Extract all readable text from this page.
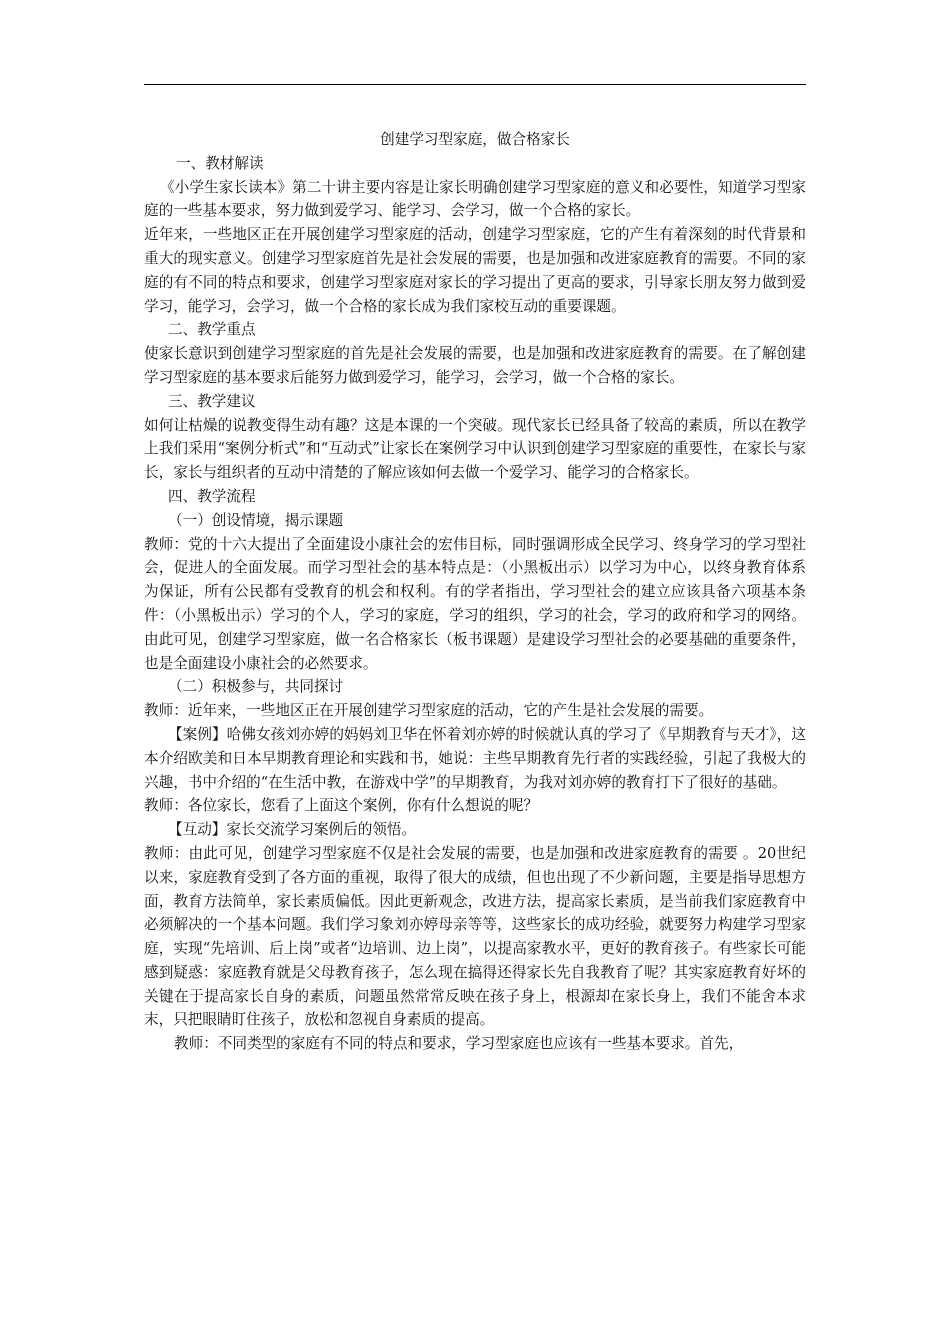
创建学习型家庭，做合格家长

一、教材解读

《小学生家长读本》第二十讲主要内容是让家长明确创建学习型家庭的意义和必要性，知道学习型家庭的一些基本要求，努力做到爱学习、能学习、会学习，做一个合格的家长。

近年来，一些地区正在开展创建学习型家庭的活动，创建学习型家庭，它的产生有着深刻的时代背景和重大的现实意义。创建学习型家庭首先是社会发展的需要，也是加强和改进家庭教育的需要。不同的家庭的有不同的特点和要求，创建学习型家庭对家长的学习提出了更高的要求，引导家长朋友努力做到爱学习，能学习，会学习，做一个合格的家长成为我们家校互动的重要课题。

二、教学重点

使家长意识到创建学习型家庭的首先是社会发展的需要，也是加强和改进家庭教育的需要。在了解创建学习型家庭的基本要求后能努力做到爱学习，能学习，会学习，做一个合格的家长。

三、教学建议

如何让枯燥的说教变得生动有趣？这是本课的一个突破。现代家长已经具备了较高的素质，所以在教学上我们采用“案例分析式”和“互动式”让家长在案例学习中认识到创建学习型家庭的重要性，在家长与家长，家长与组织者的互动中清楚的了解应该如何去做一个爱学习、能学习的合格家长。

四、教学流程

（一）创设情境，揭示课题

教师：党的十六大提出了全面建设小康社会的宏伟目标，同时强调形成全民学习、终身学习的学习型社会，促进人的全面发展。而学习型社会的基本特点是：（小黑板出示）以学习为中心，以终身教育体系为保证，所有公民都有受教育的机会和权利。有的学者指出，学习型社会的建立应该具备六项基本条件：（小黑板出示）学习的个人，学习的家庭，学习的组织，学习的社会，学习的政府和学习的网络。由此可见，创建学习型家庭，做一名合格家长（板书课题）是建设学习型社会的必要基础的重要条件， 也是全面建设小康社会的必然要求。

（二）积极参与，共同探讨

教师：近年来，一些地区正在开展创建学习型家庭的活动，它的产生是社会发展的需要。

【案例】哈佛女孩刘亦婷的妈妈刘卫华在怀着刘亦婷的时候就认真的学习了《早期教育与天才》，这本介绍欧美和日本早期教育理论和实践和书，她说：主些早期教育先行者的实践经验，引起了我极大的兴趣，书中介绍的“在生活中教，在游戏中学”的早期教育，为我对刘亦婷的教育打下了很好的基础。

教师：各位家长，您看了上面这个案例，你有什么想说的呢？

【互动】家长交流学习案例后的领悟。

教师：由此可见，创建学习型家庭不仅是社会发展的需要，也是加强和改进家庭教育的需要 。20世纪以来，家庭教育受到了各方面的重视，取得了很大的成绩，但也出现了不少新问题，主要是指导思想方面，教育方法简单，家长素质偏低。因此更新观念，改进方法，提高家长素质，是当前我们家庭教育中必须解决的一个基本问题。我们学习象刘亦婷母亲等等，这些家长的成功经验，就要努力构建学习型家庭，实现“先培训、后上岗”或者“边培训、边上岗”，以提高家教水平，更好的教育孩子。有些家长可能感到疑惑：家庭教育就是父母教育孩子，怎么现在搞得还得家长先自我教育了呢？其实家庭教育好坏的关键在于提高家长自身的素质，问题虽然常常反映在孩子身上，根源却在家长身上，我们不能舍本求末，只把眼睛盯住孩子，放松和忽视自身素质的提高。

教师：不同类型的家庭有不同的特点和要求，学习型家庭也应该有一些基本要求。首先，
